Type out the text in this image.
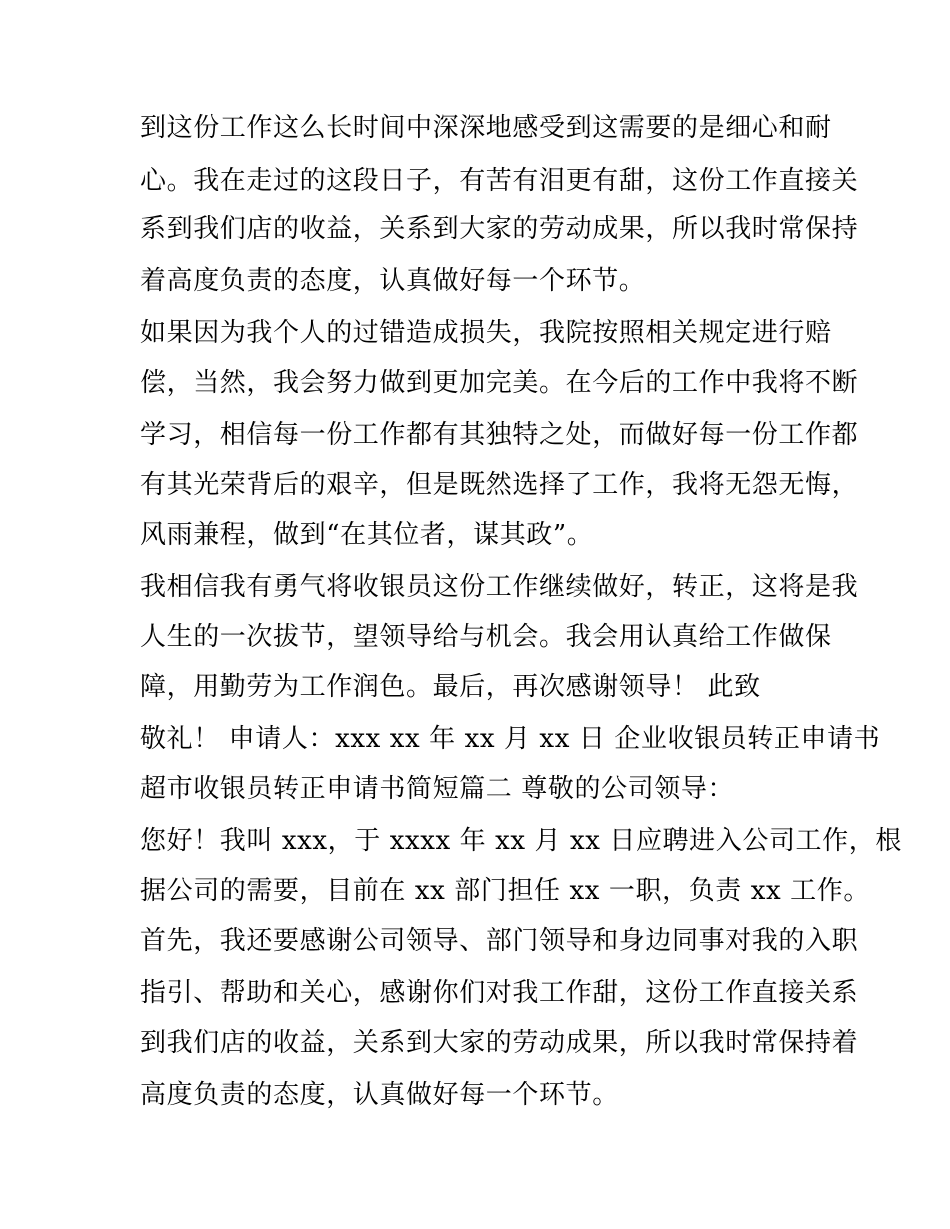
到这份工作这么长时间中深深地感受到这需要的是细心和耐
心。我在走过的这段日子，有苦有泪更有甜，这份工作直接关
系到我们店的收益，关系到大家的劳动成果，所以我时常保持
着高度负责的态度，认真做好每一个环节。
如果因为我个人的过错造成损失，我院按照相关规定进行赔
偿，当然，我会努力做到更加完美。在今后的工作中我将不断
学习，相信每一份工作都有其独特之处，而做好每一份工作都
有其光荣背后的艰辛，但是既然选择了工作，我将无怨无悔，
风雨兼程，做到“在其位者，谋其政”。
我相信我有勇气将收银员这份工作继续做好，转正，这将是我
人生的一次拔节，望领导给与机会。我会用认真给工作做保
障，用勤劳为工作润色。最后，再次感谢领导！ 此致
敬礼！ 申请人：xxx xx 年 xx 月 xx 日 企业收银员转正申请书
超市收银员转正申请书简短篇二 尊敬的公司领导：
您好！我叫 xxx，于 xxxx 年 xx 月 xx 日应聘进入公司工作，根
据公司的需要，目前在 xx 部门担任 xx 一职，负责 xx 工作。
首先，我还要感谢公司领导、部门领导和身边同事对我的入职
指引、帮助和关心，感谢你们对我工作甜，这份工作直接关系
到我们店的收益，关系到大家的劳动成果，所以我时常保持着
高度负责的态度，认真做好每一个环节。
